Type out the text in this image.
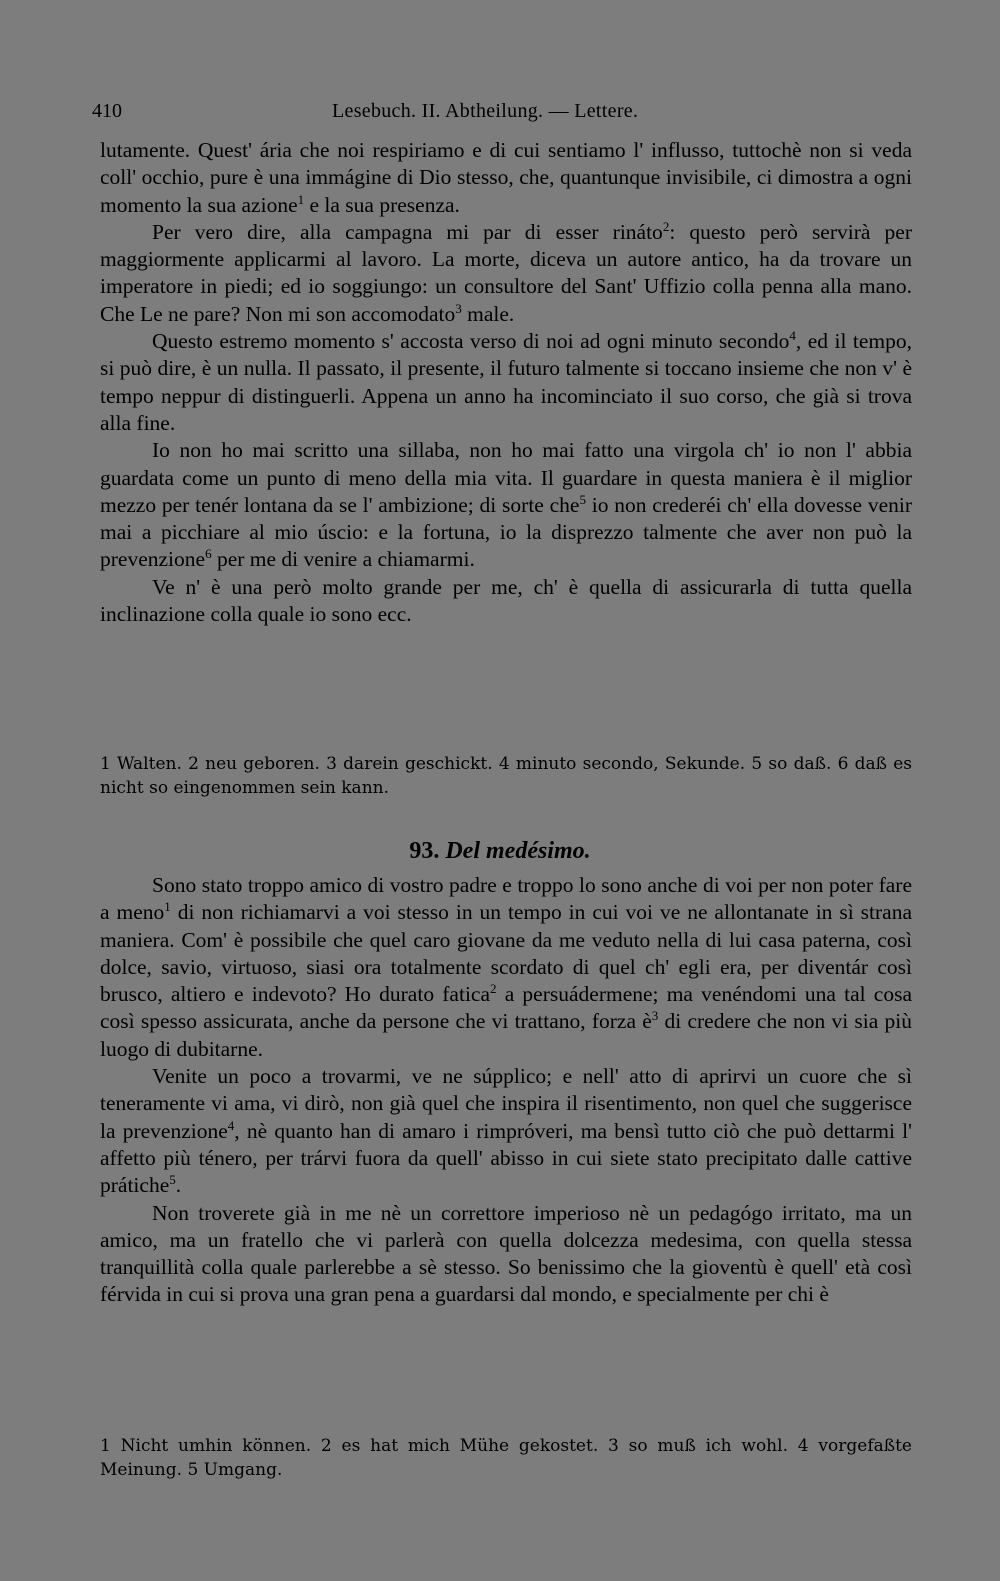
410	Lesebuch. II. Abtheilung. — Lettere.

lutamente. Quest' ária che noi respiriamo e di cui sentiamo l' influsso, tuttochè non si veda coll' occhio, pure è una immágine di Dio stesso, che, quantunque invisibile, ci dimostra a ogni momento la sua azione$^1$ e la sua presenza.

Per vero dire, alla campagna mi par di esser rináto$^2$: questo però servirà per maggiormente applicarmi al lavoro. La morte, diceva un autore antico, ha da trovare un imperatore in piedi; ed io soggiungo: un consultore del Sant' Uffizio colla penna alla mano. Che Le ne pare? Non mi son accomodato$^3$ male.

Questo estremo momento s' accosta verso di noi ad ogni minuto secondo$^4$, ed il tempo, si può dire, è un nulla. Il passato, il presente, il futuro talmente si toccano insieme che non v' è tempo neppur di distinguerli. Appena un anno ha incominciato il suo corso, che già si trova alla fine.

Io non ho mai scritto una sillaba, non ho mai fatto una virgola ch' io non l' abbia guardata come un punto di meno della mia vita. Il guardare in questa maniera è il miglior mezzo per tenér lontana da se l' ambizione; di sorte che$^5$ io non crederéi ch' ella dovesse venir mai a picchiare al mio úscio: e la fortuna, io la disprezzo talmente che aver non può la prevenzione$^6$ per me di venire a chiamarmi.

Ve n' è una però molto grande per me, ch' è quella di assicurarla di tutta quella inclinazione colla quale io sono ecc.

1 Walten. 2 neu geboren. 3 darein geschickt. 4 minuto secondo, Sekunde. 5 so daß. 6 daß es nicht so eingenommen sein kann.
93. Del medésimo.

Sono stato troppo amico di vostro padre e troppo lo sono anche di voi per non poter fare a meno$^1$ di non richiamarvi a voi stesso in un tempo in cui voi ve ne allontanate in sì strana maniera. Com' è possibile che quel caro giovane da me veduto nella di lui casa paterna, così dolce, savio, virtuoso, siasi ora totalmente scordato di quel ch' egli era, per diventár così brusco, altiero e indevoto? Ho durato fatica$^2$ a persuádermene; ma venéndomi una tal cosa così spesso assicurata, anche da persone che vi trattano, forza $è^3$ di credere che non vi sia più luogo di dubitarne.

Venite un poco a trovarmi, ve ne súpplico; e nell' atto di aprirvi un cuore che sì teneramente vi ama, vi dirò, non già quel che inspira il risentimento, non quel che suggerisce la prevenzione$^4$, nè quanto han di amaro i rimpróveri, ma bensì tutto ciò che può dettarmi l' affetto più ténero, per trárvi fuora da quell' abisso in cui siete stato precipitato dalle cattive prátiche$^5$.

Non troverete già in me nè un correttore imperioso nè un pedagógo irritato, ma un amico, ma un fratello che vi parlerà con quella dolcezza medesima, con quella stessa tranquillità colla quale parlerebbe a sè stesso. So benissimo che la gioventù è quell' età così férvida in cui si prova una gran pena a guardarsi dal mondo, e specialmente per chi è

1 Nicht umhin können. 2 es hat mich Mühe gekostet. 3 so muß ich wohl. 4 vorgefaßte Meinung. 5 Umgang.
